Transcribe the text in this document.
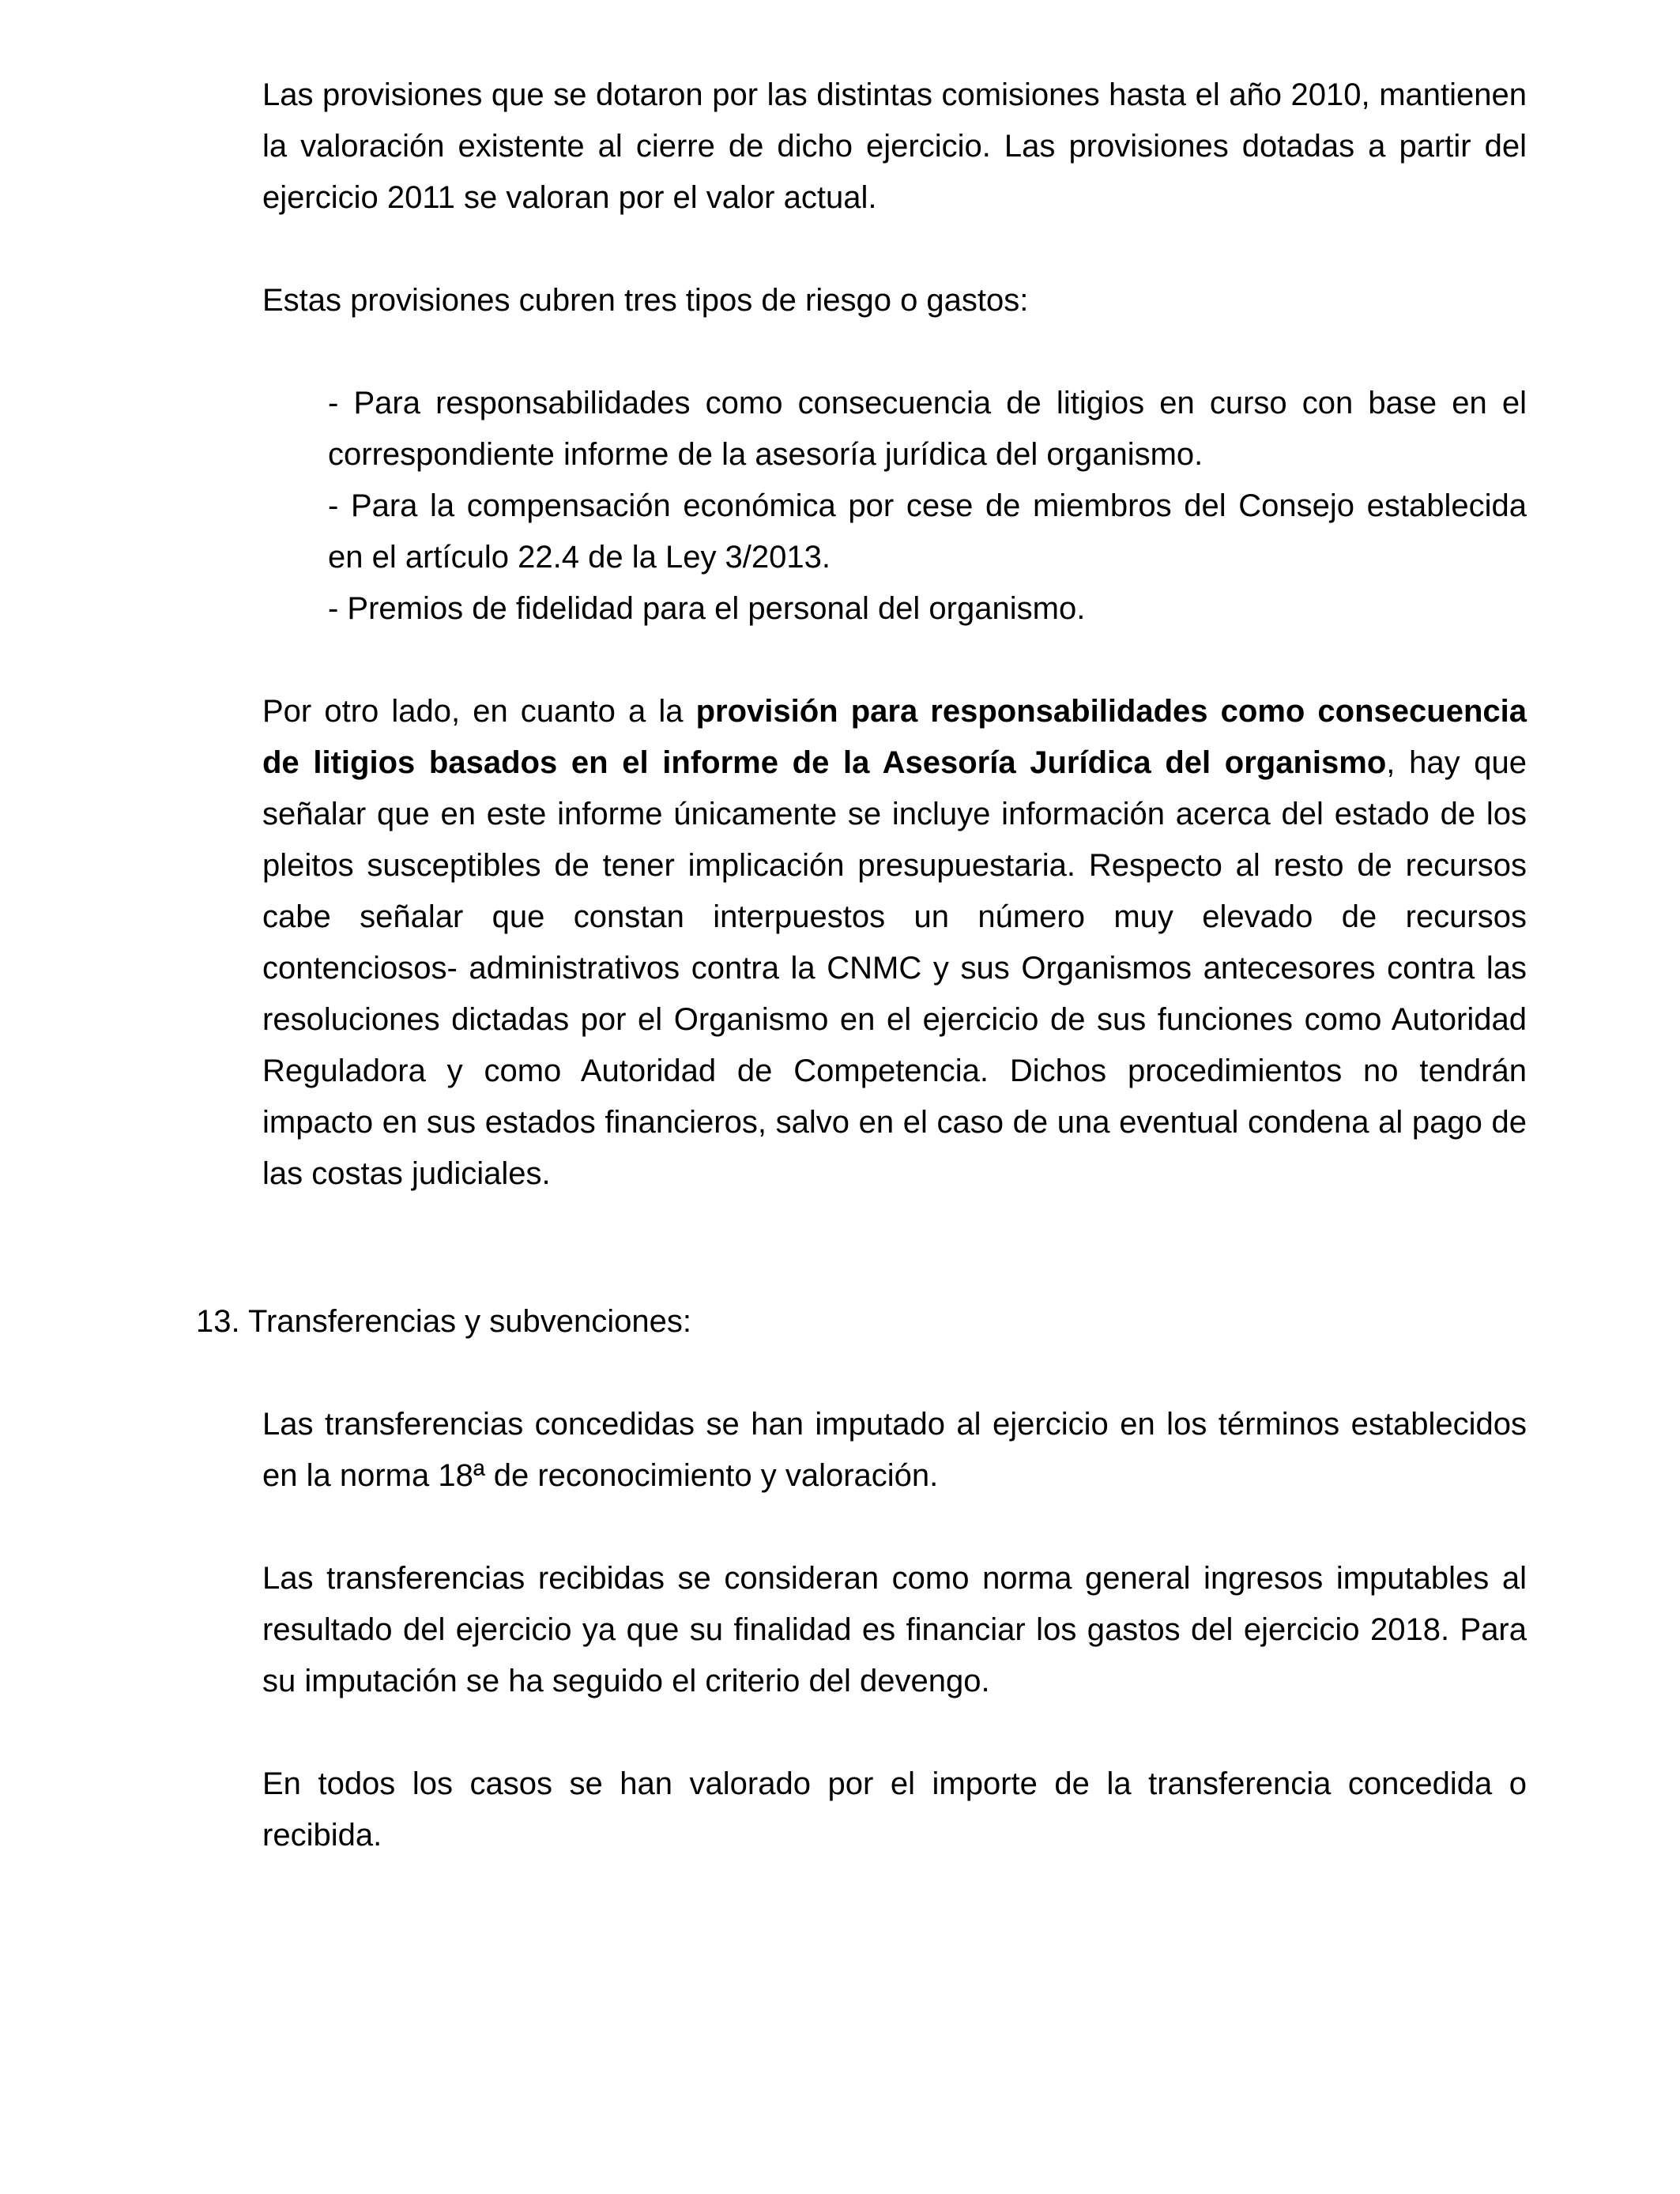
Las provisiones que se dotaron por las distintas comisiones hasta el año 2010, mantienen la valoración existente al cierre de dicho ejercicio. Las provisiones dotadas a partir del ejercicio 2011 se valoran por el valor actual.

Estas provisiones cubren tres tipos de riesgo o gastos:

- Para responsabilidades como consecuencia de litigios en curso con base en el correspondiente informe de la asesoría jurídica del organismo.
- Para la compensación económica por cese de miembros del Consejo establecida en el artículo 22.4 de la Ley 3/2013.
- Premios de fidelidad para el personal del organismo.

Por otro lado, en cuanto a la provisión para responsabilidades como consecuencia de litigios basados en el informe de la Asesoría Jurídica del organismo, hay que señalar que en este informe únicamente se incluye información acerca del estado de los pleitos susceptibles de tener implicación presupuestaria. Respecto al resto de recursos cabe señalar que constan interpuestos un número muy elevado de recursos contenciosos- administrativos contra la CNMC y sus Organismos antecesores contra las resoluciones dictadas por el Organismo en el ejercicio de sus funciones como Autoridad Reguladora y como Autoridad de Competencia. Dichos procedimientos no tendrán impacto en sus estados financieros, salvo en el caso de una eventual condena al pago de las costas judiciales.

13. Transferencias y subvenciones:

Las transferencias concedidas se han imputado al ejercicio en los términos establecidos en la norma 18ª de reconocimiento y valoración.

Las transferencias recibidas se consideran como norma general ingresos imputables al resultado del ejercicio ya que su finalidad es financiar los gastos del ejercicio 2018. Para su imputación se ha seguido el criterio del devengo.

En todos los casos se han valorado por el importe de la transferencia concedida o recibida.
